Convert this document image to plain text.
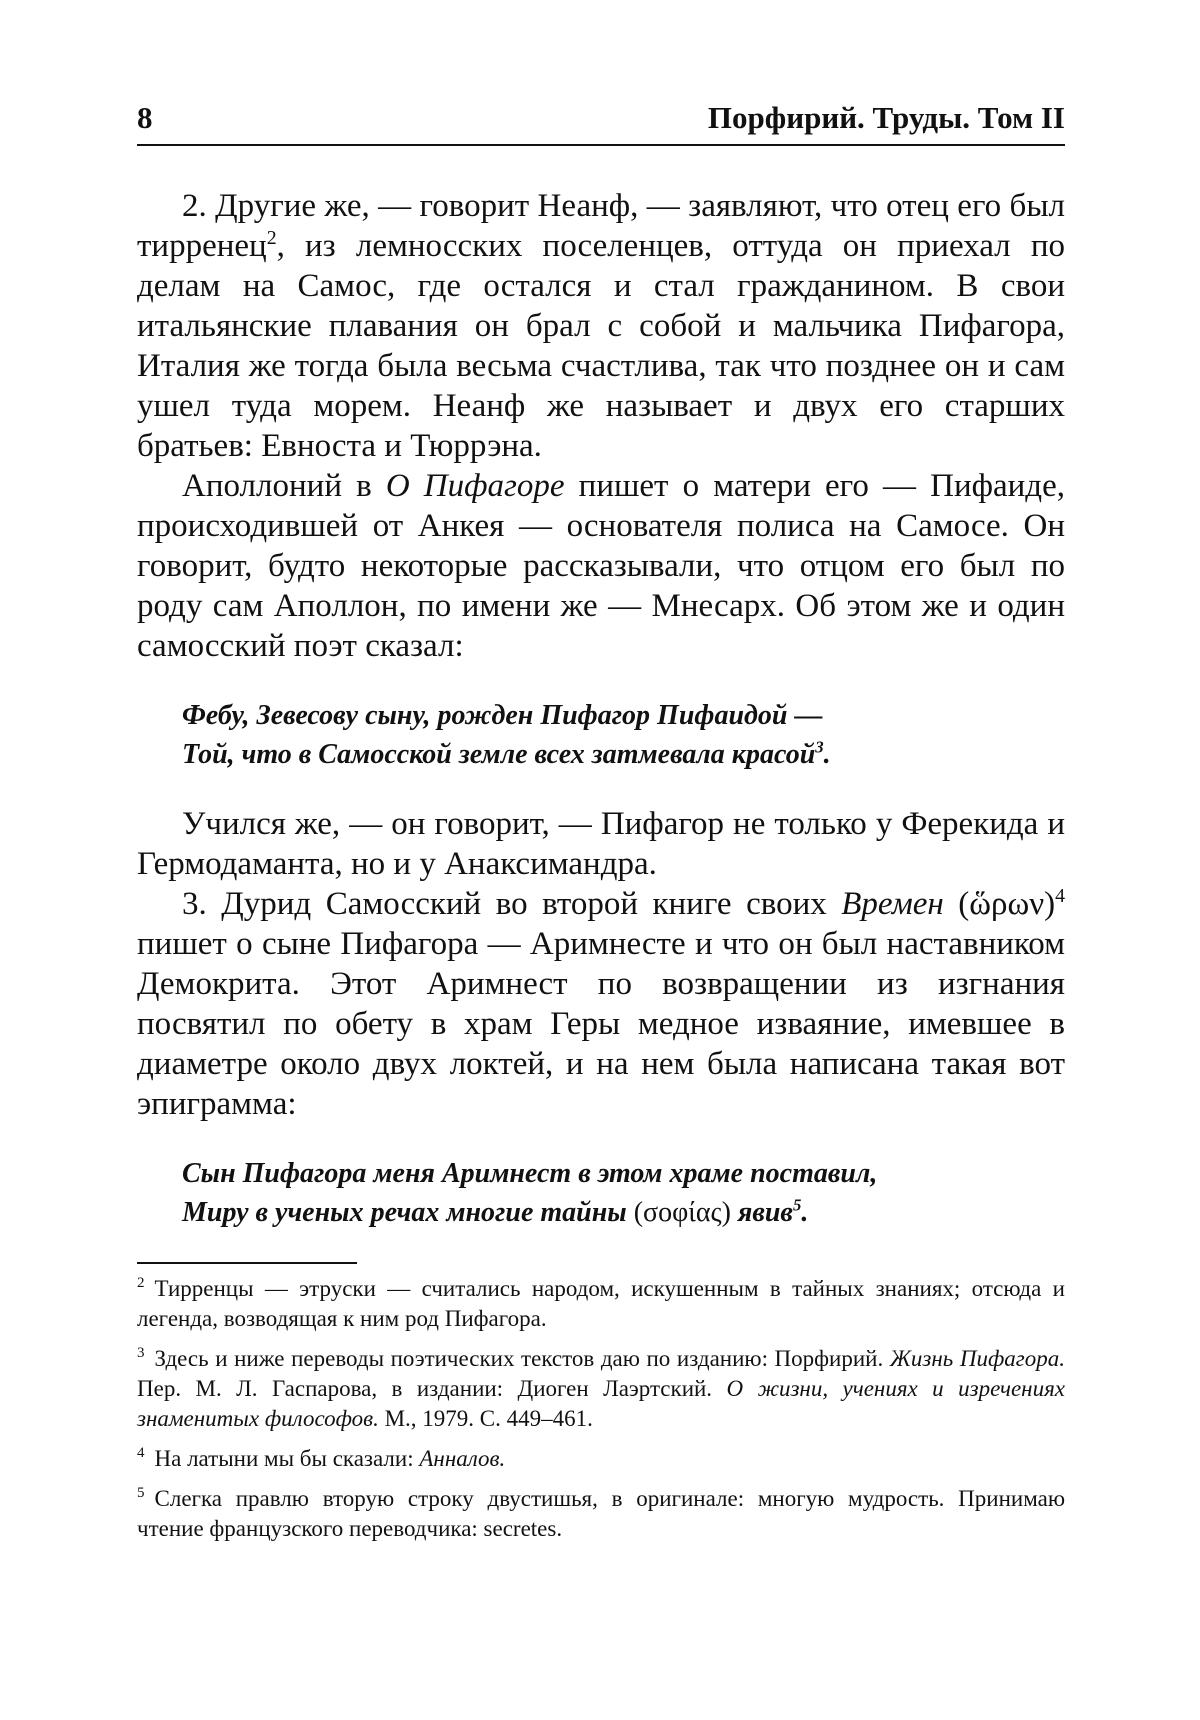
8	Порфирий. Труды. Том II

2. Другие же, — говорит Неанф, — заявляют, что отец его был тирренец$^2$, из лемносских поселенцев, оттуда он приехал по делам на Самос, где остался и стал гражданином. В свои итальянские плавания он брал с собой и мальчика Пифагора, Италия же тогда была весьма счастлива, так что позднее он и сам ушел туда морем. Неанф же называет и двух его старших братьев: Евноста и Тюррэна.

Аполлоний в О Пифагоре пишет о матери его — Пифаиде, происходившей от Анкея — основателя полиса на Самосе. Он говорит, будто некоторые рассказывали, что отцом его был по роду сам Аполлон, по имени же — Мнесарх. Об этом же и один самосский поэт сказал:

Фебу, Зевесову сыну, рожден Пифагор Пифаидой —
Той, что в Самосской земле всех затмевала красой$^3$.

Учился же, — он говорит, — Пифагор не только у Ферекида и Гермодаманта, но и у Анаксимандра.

3. Дурид Самосский во второй книге своих Времен (ὥρων)$^4$ пишет о сыне Пифагора — Аримнесте и что он был наставником Демокрита. Этот Аримнест по возвращении из изгнания посвятил по обету в храм Геры медное изваяние, имевшее в диаметре около двух локтей, и на нем была написана такая вот эпиграмма:

Сын Пифагора меня Аримнест в этом храме поставил,
Миру в ученых речах многие тайны (σοφίας) явив$^5$.

$^2$ Тирренцы — этруски — считались народом, искушенным в тайных знаниях; отсюда и легенда, возводящая к ним род Пифагора.

$^3$ Здесь и ниже переводы поэтических текстов даю по изданию: Порфирий. Жизнь Пифагора. Пер. М. Л. Гаспарова, в издании: Диоген Лаэртский. О жизни, учениях и изречениях знаменитых философов. М., 1979. С. 449–461.

$^4$ На латыни мы бы сказали: Анналов.

$^5$ Слегка правлю вторую строку двустишья, в оригинале: многую мудрость. Принимаю чтение французского переводчика: secretes.
